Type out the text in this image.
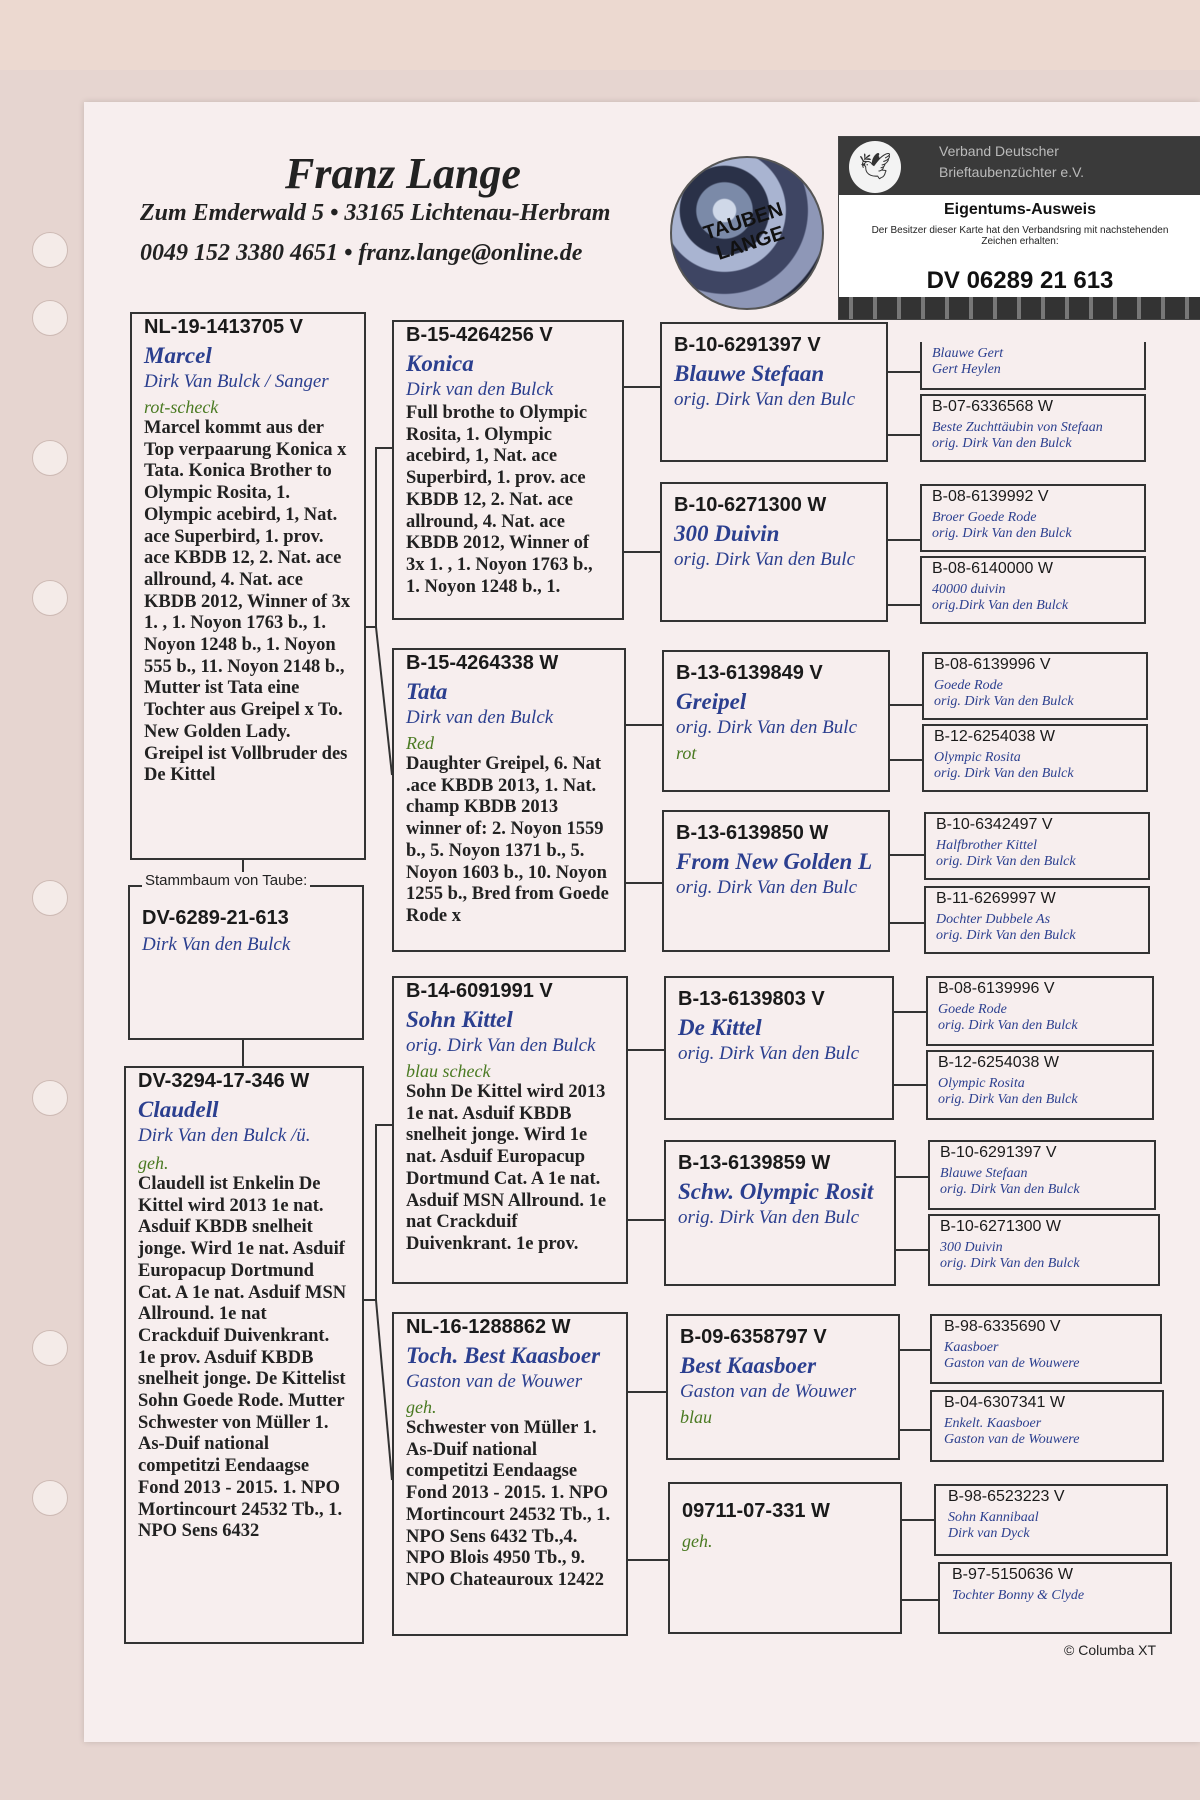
Franz Lange
Zum Emderwald 5 • 33165 Lichtenau-Herbram
0049 152 3380 4651 • franz.lange@online.de
TAUBEN LANGE
🕊
Verband Deutscher
Brieftaubenzüchter e.V.
Eigentums-Ausweis
Der Besitzer dieser Karte hat den Verbandsring mit nachstehenden Zeichen erhalten:
DV 06289 21 613
NL-19-1413705 V
Marcel
Dirk Van Bulck / Sanger
rot-scheck
Marcel kommt aus der Top verpaarung Konica x Tata. Konica Brother to Olympic Rosita, 1. Olympic acebird, 1, Nat. ace Superbird, 1. prov. ace KBDB 12, 2. Nat. ace allround, 4. Nat. ace KBDB 2012, Winner of 3x 1. , 1. Noyon 1763 b., 1. Noyon 1248 b., 1. Noyon 555 b., 11. Noyon 2148 b., Mutter ist Tata eine Tochter aus Greipel x To. New Golden Lady. Greipel ist Vollbruder des De Kittel
DV-6289-21-613
Dirk Van den Bulck
Stammbaum von Taube:
DV-3294-17-346 W
Claudell
Dirk Van den Bulck /ü.
geh.
Claudell ist Enkelin De Kittel wird 2013 1e nat. Asduif KBDB snelheit jonge. Wird 1e nat. Asduif Europacup Dortmund Cat. A 1e nat. Asduif MSN Allround. 1e nat Crackduif Duivenkrant. 1e prov. Asduif KBDB snelheit jonge. De Kittelist Sohn Goede Rode. Mutter Schwester von Müller 1. As-Duif national competitzi Eendaagse Fond 2013 - 2015. 1. NPO Mortincourt 24532 Tb., 1. NPO Sens 6432
B-15-4264256 V
Konica
Dirk van den Bulck
Full brothe to Olympic Rosita, 1. Olympic acebird, 1, Nat. ace Superbird, 1. prov. ace KBDB 12, 2. Nat. ace allround, 4. Nat. ace KBDB 2012, Winner of 3x 1. , 1. Noyon 1763 b., 1. Noyon 1248 b., 1.
B-15-4264338 W
Tata
Dirk van den Bulck
Red
Daughter Greipel, 6. Nat .ace KBDB 2013, 1. Nat. champ KBDB 2013 winner of: 2. Noyon 1559 b., 5. Noyon 1371 b., 5. Noyon 1603 b., 10. Noyon 1255 b., Bred from Goede Rode x
B-14-6091991 V
Sohn Kittel
orig. Dirk Van den Bulck
blau scheck
Sohn De Kittel wird 2013 1e nat. Asduif KBDB snelheit jonge. Wird 1e nat. Asduif Europacup Dortmund Cat. A 1e nat. Asduif MSN Allround. 1e nat Crackduif Duivenkrant. 1e prov.
NL-16-1288862 W
Toch. Best Kaasboer
Gaston van de Wouwer
geh.
Schwester von Müller 1. As-Duif national competitzi Eendaagse Fond 2013 - 2015. 1. NPO Mortincourt 24532 Tb., 1. NPO Sens 6432 Tb.,4. NPO Blois 4950 Tb., 9. NPO Chateauroux 12422
B-10-6291397 V
Blauwe Stefaan
orig. Dirk Van den Bulc
B-10-6271300 W
300 Duivin
orig. Dirk Van den Bulc
B-13-6139849 V
Greipel
orig. Dirk Van den Bulc
rot
B-13-6139850 W
From New Golden L
orig. Dirk Van den Bulc
B-13-6139803 V
De Kittel
orig. Dirk Van den Bulc
B-13-6139859 W
Schw. Olympic Rosit
orig. Dirk Van den Bulc
B-09-6358797 V
Best Kaasboer
Gaston van de Wouwer
blau
09711-07-331 W
geh.
Blauwe Gert
Gert Heylen
B-07-6336568 W
Beste Zuchttäubin von Stefaan
orig. Dirk Van den Bulck
B-08-6139992 V
Broer Goede Rode
orig. Dirk Van den Bulck
B-08-6140000 W
40000 duivin
orig.Dirk Van den Bulck
B-08-6139996 V
Goede Rode
orig. Dirk Van den Bulck
B-12-6254038 W
Olympic Rosita
orig. Dirk Van den Bulck
B-10-6342497 V
Halfbrother Kittel
orig. Dirk Van den Bulck
B-11-6269997 W
Dochter Dubbele As
orig. Dirk Van den Bulck
B-08-6139996 V
Goede Rode
orig. Dirk Van den Bulck
B-12-6254038 W
Olympic Rosita
orig. Dirk Van den Bulck
B-10-6291397 V
Blauwe Stefaan
orig. Dirk Van den Bulck
B-10-6271300 W
300 Duivin
orig. Dirk Van den Bulck
B-98-6335690 V
Kaasboer
Gaston van de Wouwere
B-04-6307341 W
Enkelt. Kaasboer
Gaston van de Wouwere
B-98-6523223 V
Sohn Kannibaal
Dirk van Dyck
B-97-5150636 W
Tochter Bonny & Clyde
© Columba XT
